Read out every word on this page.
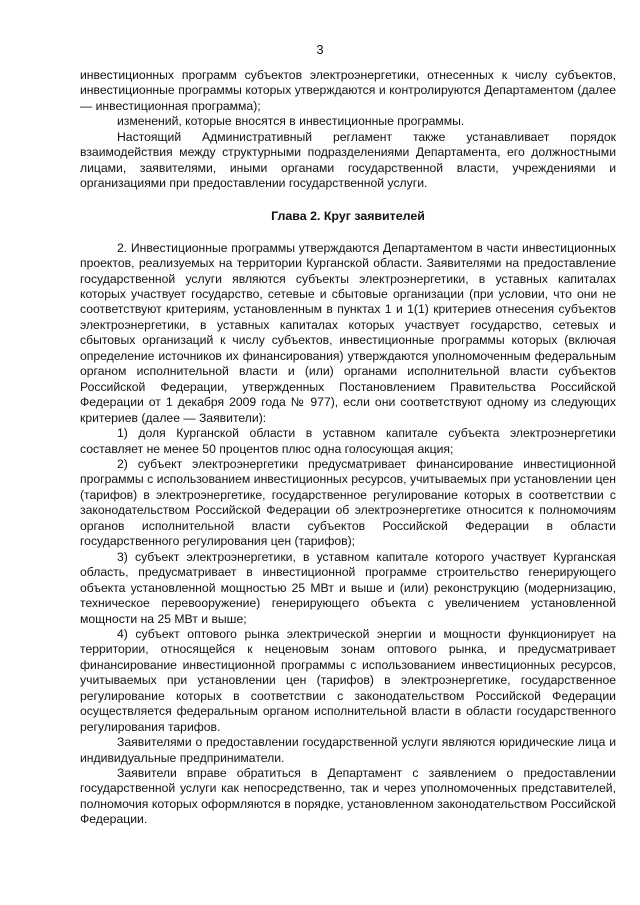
3

инвестиционных программ субъектов электроэнергетики, отнесенных к числу субъектов, инвестиционные программы которых утверждаются и контролируются Департаментом (далее — инвестиционная программа);

изменений, которые вносятся в инвестиционные программы.

Настоящий Административный регламент также устанавливает порядок взаимодействия между структурными подразделениями Департамента, его должностными лицами, заявителями, иными органами государственной власти, учреждениями и организациями при предоставлении государственной услуги.

Глава 2. Круг заявителей

2. Инвестиционные программы утверждаются Департаментом в части инвестиционных проектов, реализуемых на территории Курганской области. Заявителями на предоставление государственной услуги являются субъекты электроэнергетики, в уставных капиталах которых участвует государство, сетевые и сбытовые организации (при условии, что они не соответствуют критериям, установленным в пунктах 1 и 1(1) критериев отнесения субъектов электроэнергетики, в уставных капиталах которых участвует государство, сетевых и сбытовых организаций к числу субъектов, инвестиционные программы которых (включая определение источников их финансирования) утверждаются уполномоченным федеральным органом исполнительной власти и (или) органами исполнительной власти субъектов Российской Федерации, утвержденных Постановлением Правительства Российской Федерации от 1 декабря 2009 года № 977), если они соответствуют одному из следующих критериев (далее — Заявители):

1) доля Курганской области в уставном капитале субъекта электроэнергетики составляет не менее 50 процентов плюс одна голосующая акция;

2) субъект электроэнергетики предусматривает финансирование инвестиционной программы с использованием инвестиционных ресурсов, учитываемых при установлении цен (тарифов) в электроэнергетике, государственное регулирование которых в соответствии с законодательством Российской Федерации об электроэнергетике относится к полномочиям органов исполнительной власти субъектов Российской Федерации в области государственного регулирования цен (тарифов);

3) субъект электроэнергетики, в уставном капитале которого участвует Курганская область, предусматривает в инвестиционной программе строительство генерирующего объекта установленной мощностью 25 МВт и выше и (или) реконструкцию (модернизацию, техническое перевооружение) генерирующего объекта с увеличением установленной мощности на 25 МВт и выше;

4) субъект оптового рынка электрической энергии и мощности функционирует на территории, относящейся к неценовым зонам оптового рынка, и предусматривает финансирование инвестиционной программы с использованием инвестиционных ресурсов, учитываемых при установлении цен (тарифов) в электроэнергетике, государственное регулирование которых в соответствии с законодательством Российской Федерации осуществляется федеральным органом исполнительной власти в области государственного регулирования тарифов.

Заявителями о предоставлении государственной услуги являются юридические лица и индивидуальные предприниматели.

Заявители вправе обратиться в Департамент с заявлением о предоставлении государственной услуги как непосредственно, так и через уполномоченных представителей, полномочия которых оформляются в порядке, установленном законодательством Российской Федерации.
